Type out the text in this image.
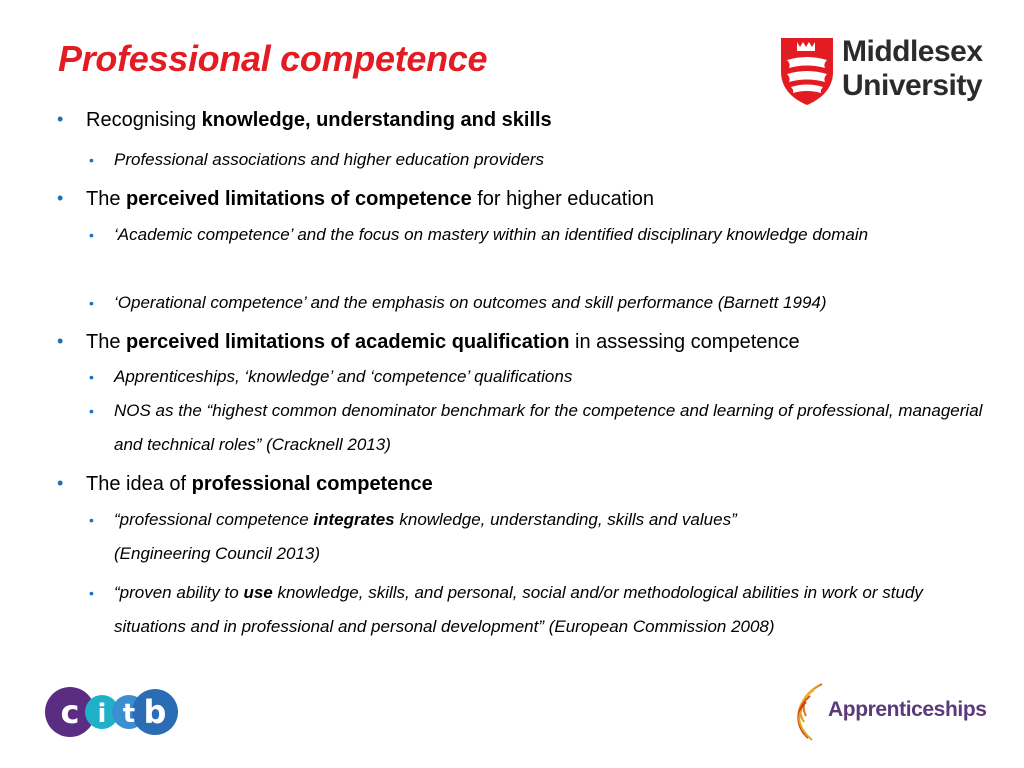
Professional competence	Middlesex
University
• Recognising knowledge, understanding and skills
• Professional associations and higher education providers
• The perceived limitations of competence for higher education
• ‘Academic competence’ and the focus on mastery within an identified disciplinary knowledge domain
• ‘Operational competence’ and the emphasis on outcomes and skill performance (Barnett 1994)
• The perceived limitations of academic qualification in assessing competence
• Apprenticeships, ‘knowledge’ and ‘competence’ qualifications
• NOS as the “highest common denominator benchmark for the competence and learning of professional, managerial and technical roles” (Cracknell 2013)
• The idea of professional competence
• “professional competence integrates knowledge, understanding, skills and values”
(Engineering Council 2013)
• “proven ability to use knowledge, skills, and personal, social and/or methodological abilities in work or study situations and in professional and personal development” (European Commission 2008)
c i t b	Apprenticeships
